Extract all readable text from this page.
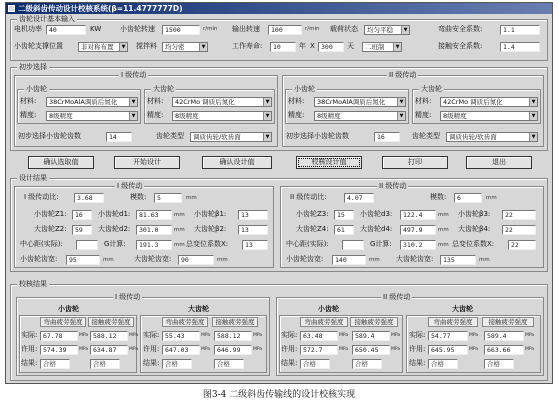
二级斜齿传动设计校核系统(β=11.4777777D)
齿轮设计基本输入
电机功率	40	KW	小齿轮转速	1500	r/min 输出转速	100	r/min 载荷状态	均匀平稳	▼	弯曲安全系数:	1.1
小齿轮支撑位置	非对称布置	▼ 搅拌料	均匀密	▼	工作寿命:	10	年 X 300	天	二班制	▼	接触安全系数:	1.4
初步选择
I 级传动
小齿轮	大齿轮
材料:	38CrMoAlA调质后氮化	▼
精度:	8级精度	▼
材料:	42CrMo 调质后氮化	▼
精度:	8级精度	▼
初步选择小齿轮齿数	14	齿轮类型	调质齿轮/软齿面	▼
II 级传动
小齿轮	大齿轮
材料:	38CrMoAlA调质后氮化	▼
精度:	8级精度	▼
材料:	42CrMo 调质后氮化	▼
精度:	8级精度	▼
初步选择小齿轮齿数	16	齿轮类型	调质齿轮/软齿面	▼
确认选取值	开始设计	确认设计值	校核设计值	打印	退出
设计结果
I 级传动
I 级传动比:	3.68	模数:	5	mm
小齿轮Z1:	16	小齿轮d1:	81.63	mm 小齿轮β1:	13
大齿轮Z2:	59	大齿轮d2:	301.0	mm 大齿轮β2:	13
中心距(实际):	G计算:	191.3	mm 总变位系数X:	13
小齿轮齿宽:	95	mm	大齿轮齿宽:	90	mm
II 级传动
II 级传动比:	4.07	模数:	6	mm
小齿轮Z3:	15	小齿轮d3:	122.4	mm 小齿轮β3:	22
大齿轮Z4:	61	大齿轮d4:	497.9	mm 大齿轮β4:	22
中心距(实际):	G计算:	310.2	mm 总变位系数X:	22
小齿轮齿宽:	140	mm 大齿轮齿宽:	135	mm
校核结果
I 级传动
小齿轮	大齿轮
弯曲疲劳强度	接触疲劳强度	弯曲疲劳强度	接触疲劳强度
实际: 67.78	MPa 588.12	MPa 实际: 55.43	MPa	588.12	MPa
许用: 574.39	MPa 634.87	MPa 许用: 647.03	MPa	646.99	MPa
结果: 合格	合格	结果: 合格	合格
II 级传动
小齿轮	大齿轮
弯曲疲劳强度	接触疲劳强度	弯曲疲劳强度	接触疲劳强度
实际: 63.48	MPa	589.4	MPa 实际: 54.77	MPa	589.4	MPa
许用: 572.7	MPa	650.45	MPa 许用: 645.95	MPa	663.66	MPa
结果: 合格	合格	结果: 合格	合格
图3-4 二级斜齿传输线的设计校核实现
